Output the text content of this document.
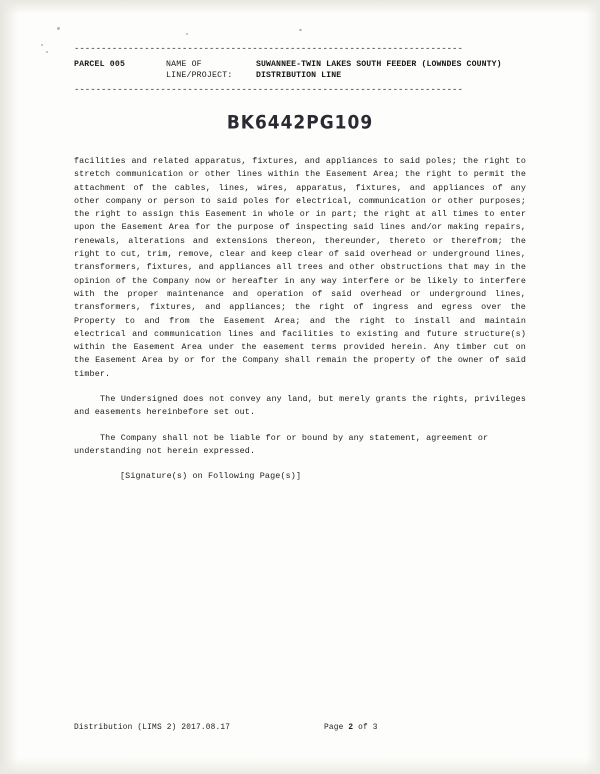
------------------------------------------------------------------------
PARCEL 005	NAME OF
LINE/PROJECT:
SUWANNEE-TWIN LAKES SOUTH FEEDER (LOWNDES COUNTY)
DISTRIBUTION LINE
------------------------------------------------------------------------
BK6442PG109

facilities and related apparatus, fixtures, and appliances to said poles; the right to stretch communication or other lines within the Easement Area; the right to permit the attachment of the cables, lines, wires, apparatus, fixtures, and appliances of any other company or person to said poles for electrical, communication or other purposes; the right to assign this Easement in whole or in part; the right at all times to enter upon the Easement Area for the purpose of inspecting said lines and/or making repairs, renewals, alterations and extensions thereon, thereunder, thereto or therefrom; the right to cut, trim, remove, clear and keep clear of said overhead or underground lines, transformers, fixtures, and appliances all trees and other obstructions that may in the opinion of the Company now or hereafter in any way interfere or be likely to interfere with the proper maintenance and operation of said overhead or underground lines, transformers, fixtures, and appliances; the right of ingress and egress over the Property to and from the Easement Area; and the right to install and maintain electrical and communication lines and facilities to existing and future structure(s) within the Easement Area under the easement terms provided herein. Any timber cut on the Easement Area by or for the Company shall remain the property of the owner of said timber.

The Undersigned does not convey any land, but merely grants the rights, privileges and easements hereinbefore set out.

The Company shall not be liable for or bound by any statement, agreement or understanding not herein expressed.

[Signature(s) on Following Page(s)]
Distribution (LIMS 2) 2017.08.17	Page 2 of 3
